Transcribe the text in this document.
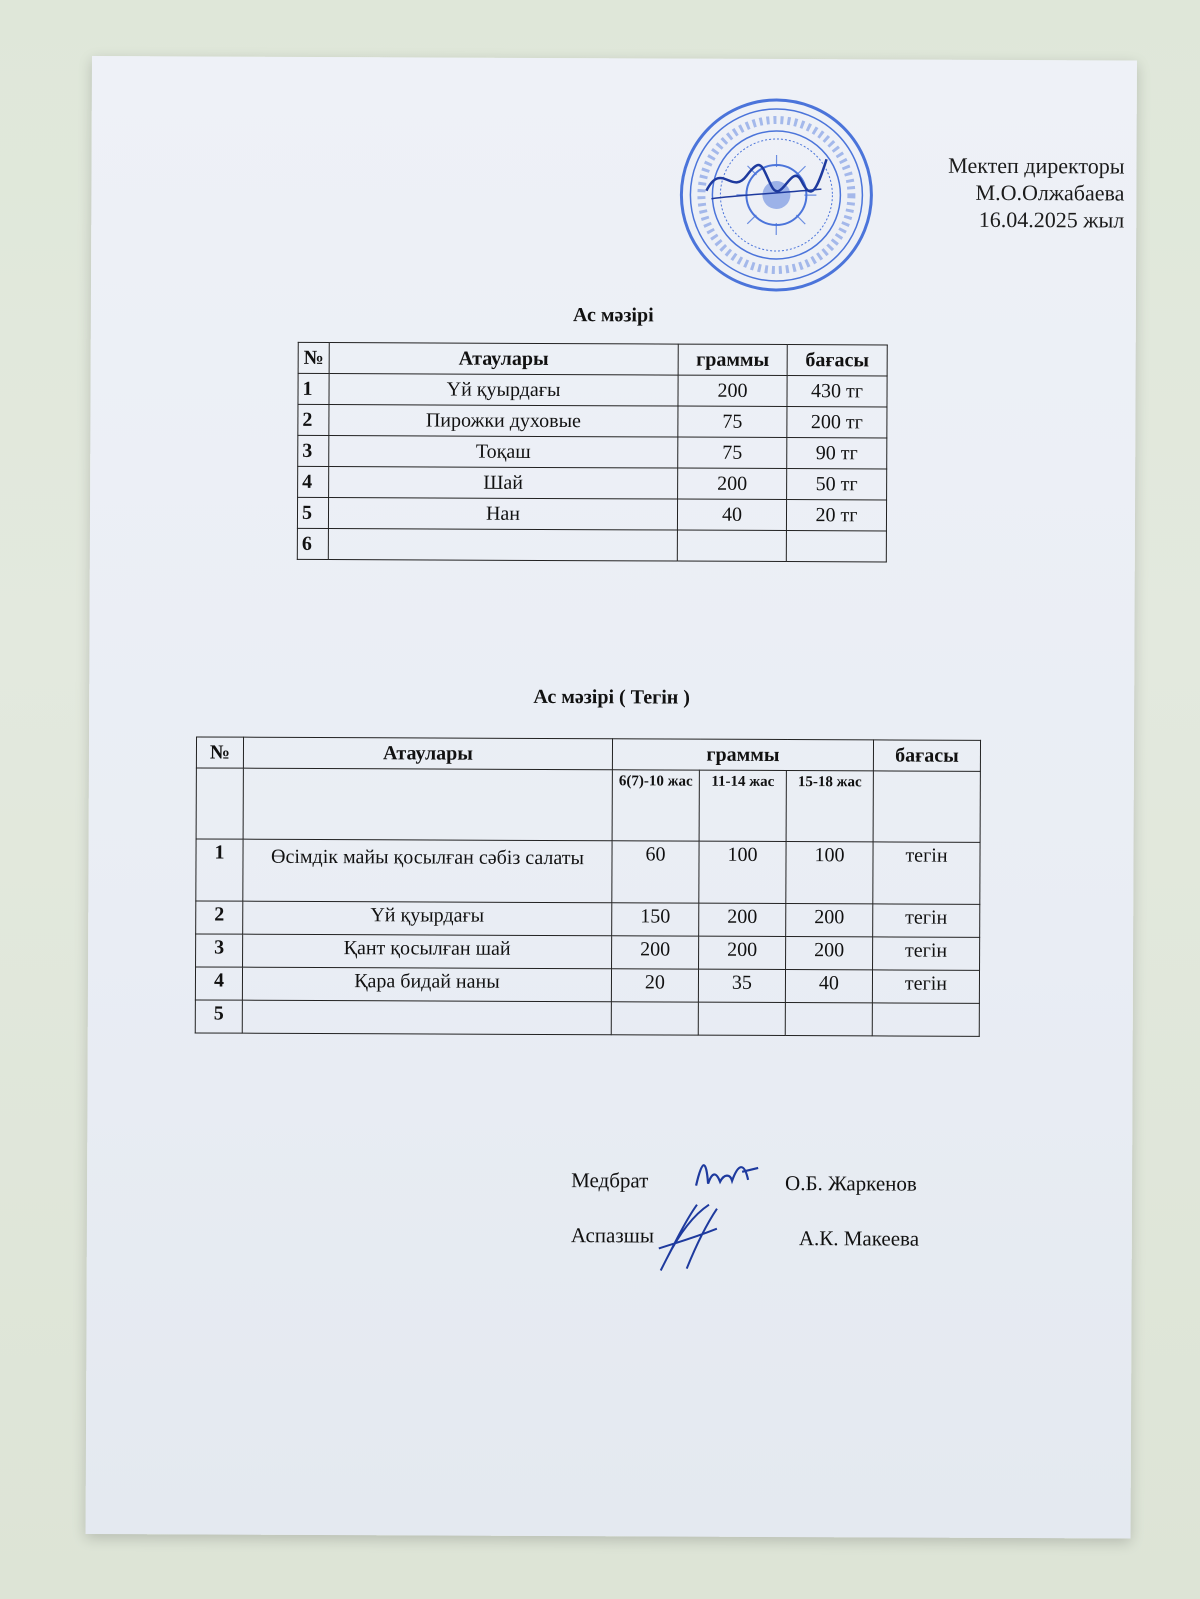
Мектеп директоры
М.О.Олжабаева
16.04.2025 жыл
Ас мәзірі
№	Атаулары	граммы	бағасы
1	Үй қуырдағы	200	430 тг
2	Пирожки духовые	75	200 тг
3	Тоқаш	75	90 тг
4	Шай	200	50 тг
5	Нан	40	20 тг
6			
Ас мәзірі ( Тегін )
№	Атаулары	граммы			бағасы
		6(7)-10 жас	11-14 жас	15-18 жас	
1	Өсімдік майы қосылған сәбіз салаты	60	100	100	тегін
2	Үй қуырдағы	150	200	200	тегін
3	Қант қосылған шай	200	200	200	тегін
4	Қара бидай наны	20	35	40	тегін
5					
Медбрат	О.Б. Жаркенов
Аспазшы	А.К. Макеева
